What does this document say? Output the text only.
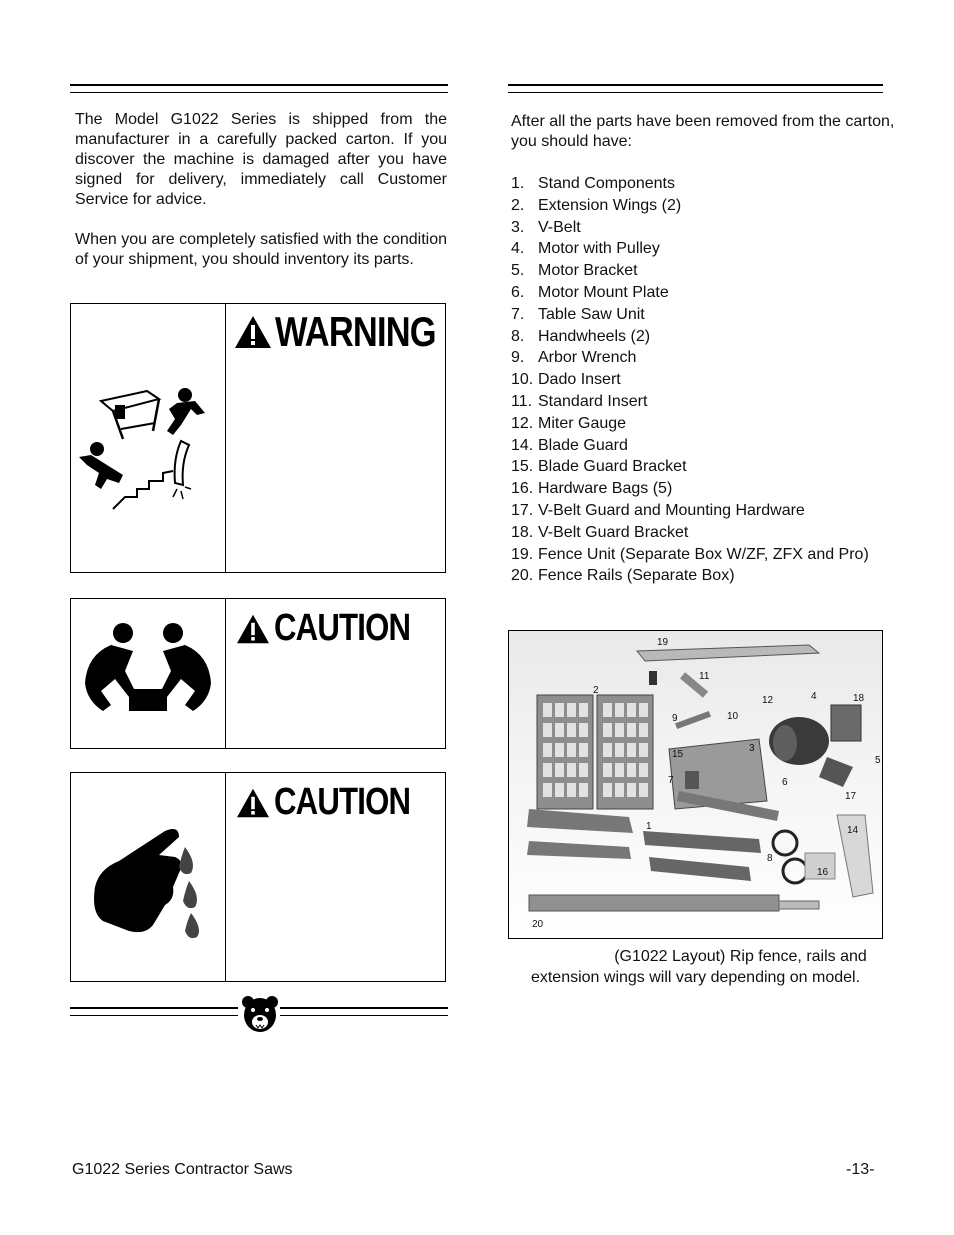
The Model G1022 Series is shipped from the manufacturer in a carefully packed carton. If you discover the machine is damaged after you have signed for delivery, immediately call Customer Service for advice.

When you are completely satisfied with the condition of your shipment, you should inventory its parts.

WARNING
CAUTION
CAUTION

After all the parts have been removed from the carton, you should have:

1. Stand Components
2. Extension Wings (2)
3. V-Belt
4. Motor with Pulley
5. Motor Bracket
6. Motor Mount Plate
7. Table Saw Unit
8. Handwheels (2)
9. Arbor Wrench
10. Dado Insert
11. Standard Insert
12. Miter Gauge
14. Blade Guard
15. Blade Guard Bracket
16. Hardware Bags (5)
17. V-Belt Guard and Mounting Hardware
18. V-Belt Guard Bracket
19. Fence Unit (Separate Box W/ZF, ZFX and Pro)
20. Fence Rails (Separate Box)
19
2
11
12	4	18
9	10
3
15
5
7	6
17
1	14
8
16
20
(G1022 Layout) Rip fence, rails and
extension wings will vary depending on model.
G1022 Series Contractor Saws	-13-
